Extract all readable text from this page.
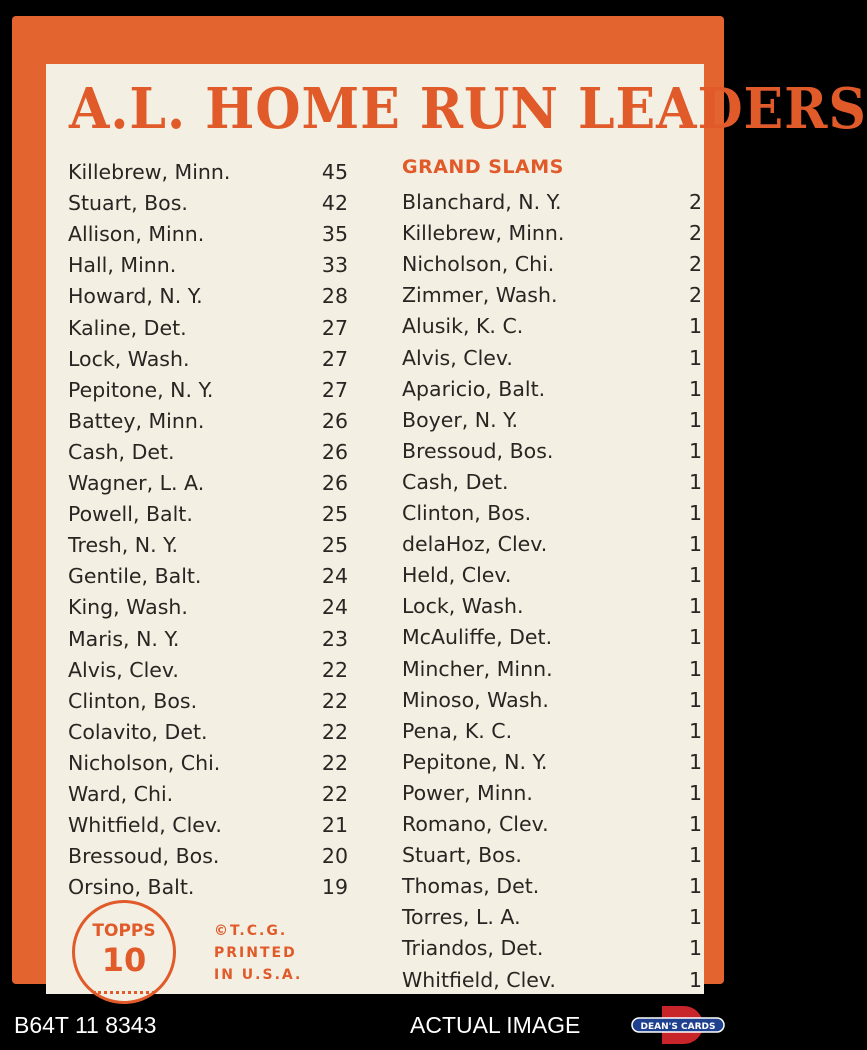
A.L. HOME RUN LEADERS
Killebrew, Minn.	45
Stuart, Bos.	42
Allison, Minn.	35
Hall, Minn.	33
Howard, N. Y.	28
Kaline, Det.	27
Lock, Wash.	27
Pepitone, N. Y.	27
Battey, Minn.	26
Cash, Det.	26
Wagner, L. A.	26
Powell, Balt.	25
Tresh, N. Y.	25
Gentile, Balt.	24
King, Wash.	24
Maris, N. Y.	23
Alvis, Clev.	22
Clinton, Bos.	22
Colavito, Det.	22
Nicholson, Chi.	22
Ward, Chi.	22
Whitfield, Clev.	21
Bressoud, Bos.	20
Orsino, Balt.	19
GRAND SLAMS
Blanchard, N. Y.	2
Killebrew, Minn.	2
Nicholson, Chi.	2
Zimmer, Wash.	2
Alusik, K. C.	1
Alvis, Clev.	1
Aparicio, Balt.	1
Boyer, N. Y.	1
Bressoud, Bos.	1
Cash, Det.	1
Clinton, Bos.	1
delaHoz, Clev.	1
Held, Clev.	1
Lock, Wash.	1
McAuliffe, Det.	1
Mincher, Minn.	1
Minoso, Wash.	1
Pena, K. C.	1
Pepitone, N. Y.	1
Power, Minn.	1
Romano, Clev.	1
Stuart, Bos.	1
Thomas, Det.	1
Torres, L. A.	1
Triandos, Det.	1
Whitfield, Clev.	1
TOPPS
10
©T.C.G.
PRINTED
IN U.S.A.
B64T 11 8343	ACTUAL IMAGE	DEAN'S CARDS
